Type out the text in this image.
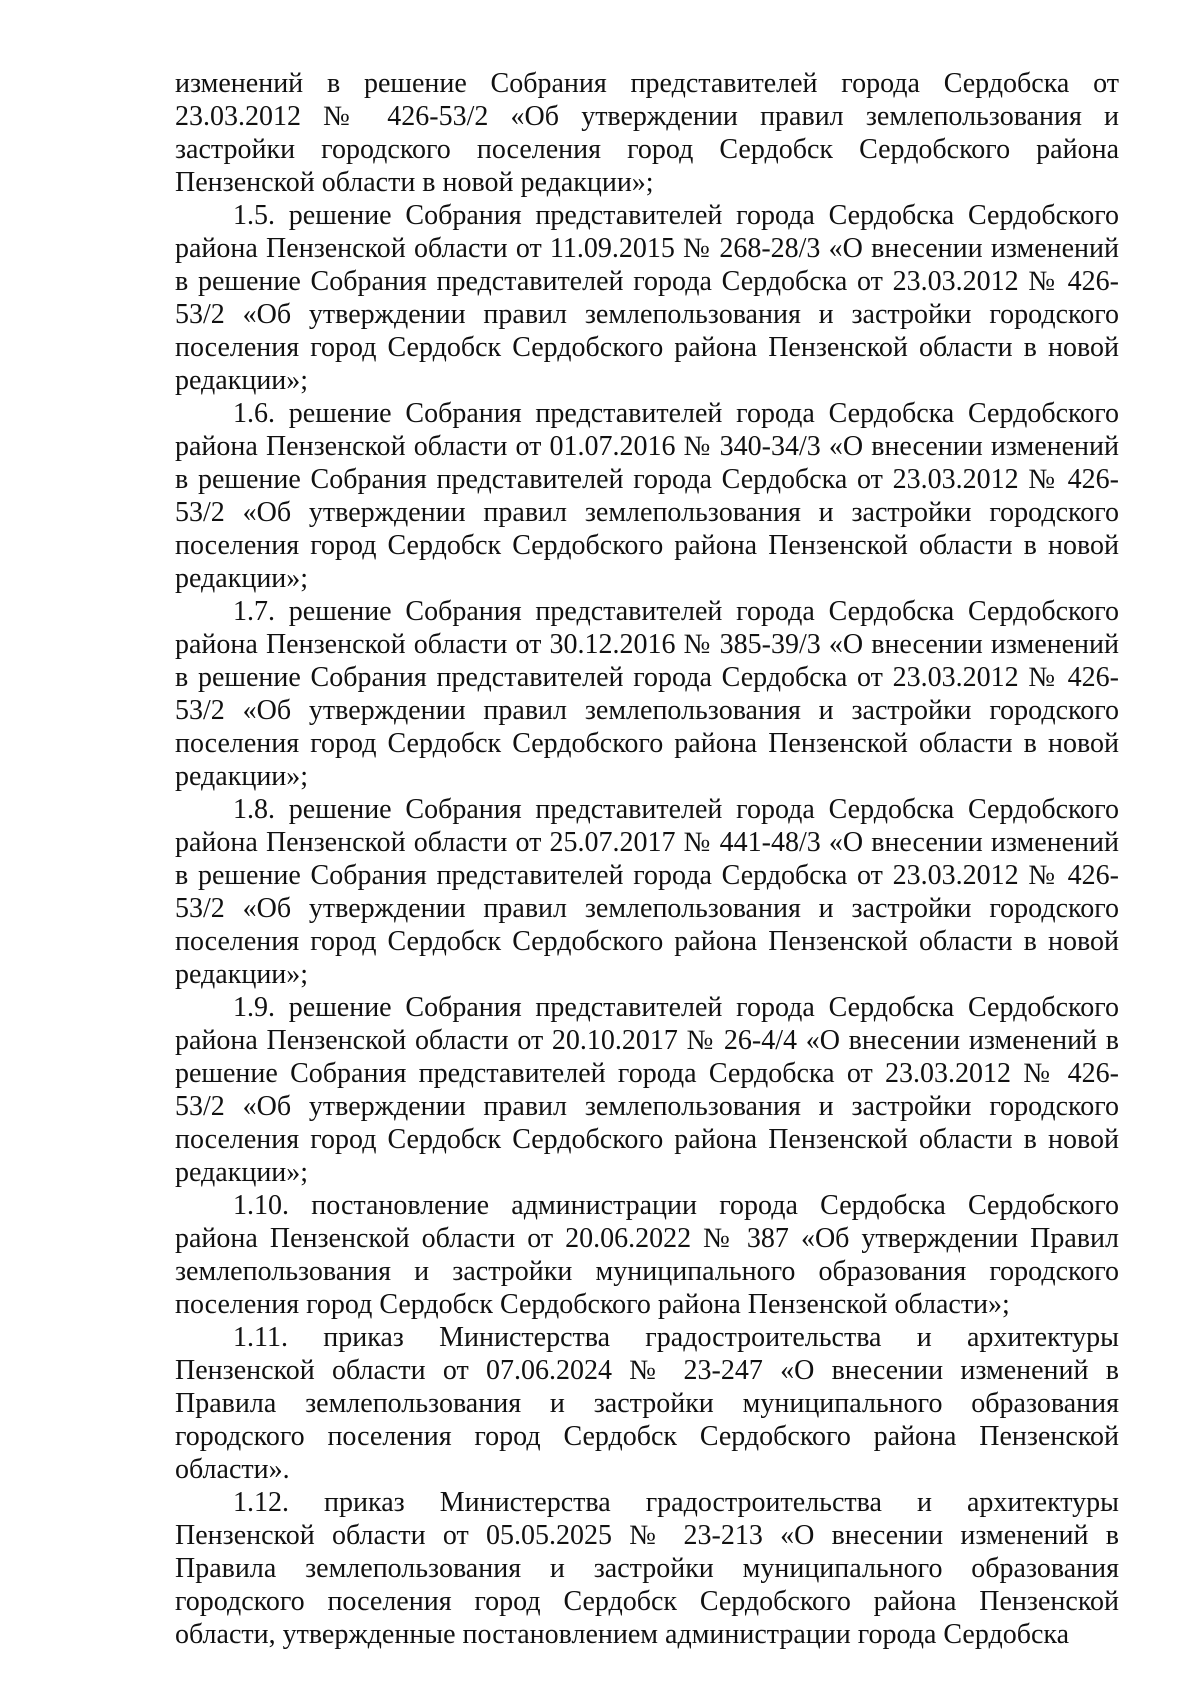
изменений в решение Собрания представителей города Сердобска от 23.03.2012 № 426-53/2 «Об утверждении правил землепользования и застройки городского поселения город Сердобск Сердобского района Пензенской области в новой редакции»;

1.5. решение Собрания представителей города Сердобска Сердобского района Пензенской области от 11.09.2015 № 268-28/3 «О внесении изменений в решение Собрания представителей города Сердобска от 23.03.2012 № 426-53/2 «Об утверждении правил землепользования и застройки городского поселения город Сердобск Сердобского района Пензенской области в новой редакции»;

1.6. решение Собрания представителей города Сердобска Сердобского района Пензенской области от 01.07.2016 № 340-34/3 «О внесении изменений в решение Собрания представителей города Сердобска от 23.03.2012 № 426-53/2 «Об утверждении правил землепользования и застройки городского поселения город Сердобск Сердобского района Пензенской области в новой редакции»;

1.7. решение Собрания представителей города Сердобска Сердобского района Пензенской области от 30.12.2016 № 385-39/3 «О внесении изменений в решение Собрания представителей города Сердобска от 23.03.2012 № 426-53/2 «Об утверждении правил землепользования и застройки городского поселения город Сердобск Сердобского района Пензенской области в новой редакции»;

1.8. решение Собрания представителей города Сердобска Сердобского района Пензенской области от 25.07.2017 № 441-48/3 «О внесении изменений в решение Собрания представителей города Сердобска от 23.03.2012 № 426-53/2 «Об утверждении правил землепользования и застройки городского поселения город Сердобск Сердобского района Пензенской области в новой редакции»;

1.9. решение Собрания представителей города Сердобска Сердобского района Пензенской области от 20.10.2017 № 26-4/4 «О внесении изменений в решение Собрания представителей города Сердобска от 23.03.2012 № 426-53/2 «Об утверждении правил землепользования и застройки городского поселения город Сердобск Сердобского района Пензенской области в новой редакции»;

1.10. постановление администрации города Сердобска Сердобского района Пензенской области от 20.06.2022 № 387 «Об утверждении Правил землепользования и застройки муниципального образования городского поселения город Сердобск Сердобского района Пензенской области»;

1.11. приказ Министерства градостроительства и архитектуры Пензенской области от 07.06.2024 № 23-247 «О внесении изменений в Правила землепользования и застройки муниципального образования городского поселения город Сердобск Сердобского района Пензенской области».

1.12. приказ Министерства градостроительства и архитектуры Пензенской области от 05.05.2025 № 23-213 «О внесении изменений в Правила землепользования и застройки муниципального образования городского поселения город Сердобск Сердобского района Пензенской области, утвержденные постановлением администрации города Сердобска
